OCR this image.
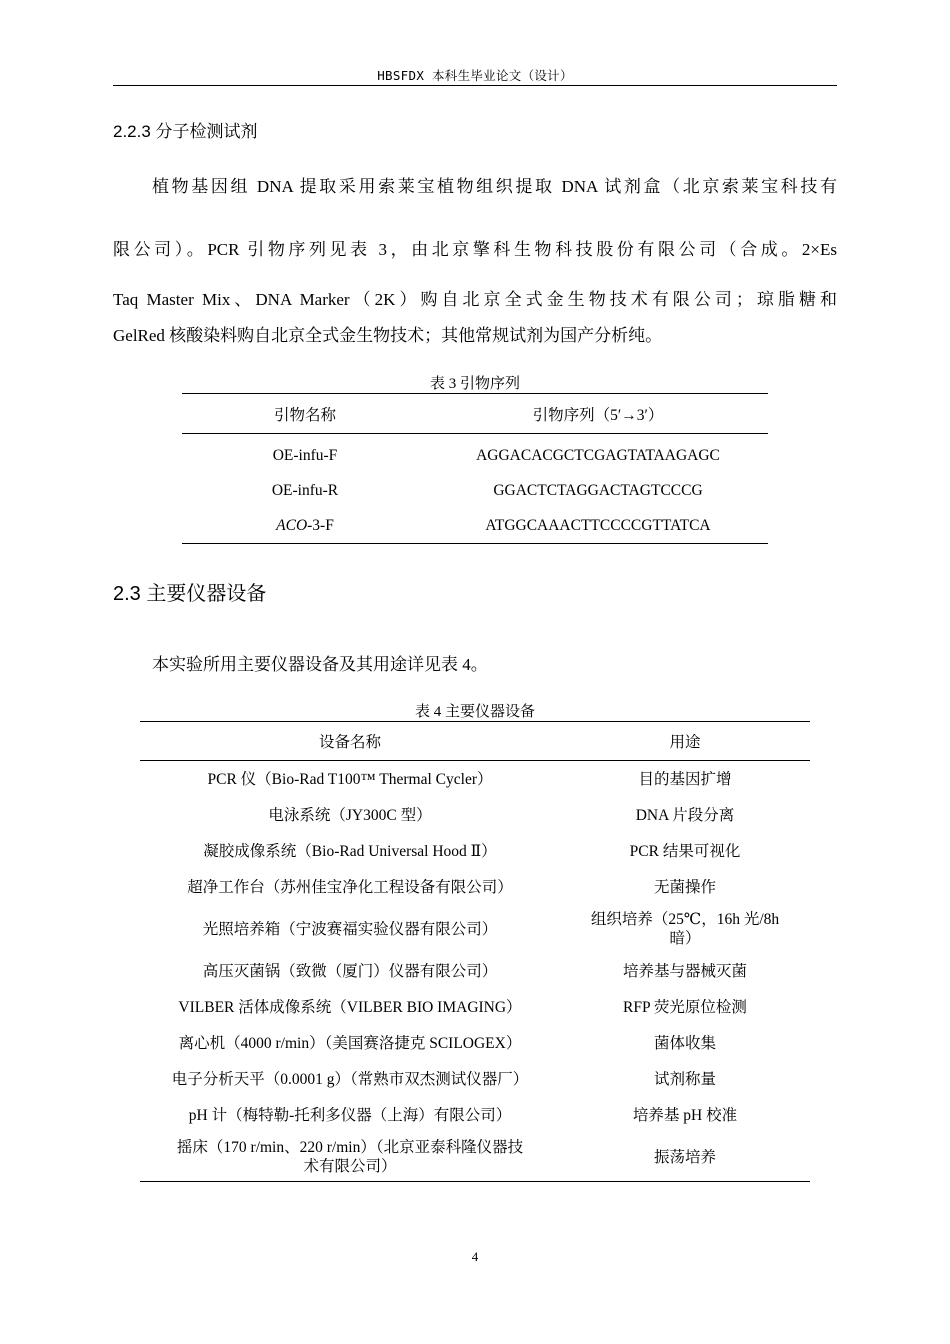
HBSFDX 本科生毕业论文（设计）
2.2.3 分子检测试剂
植物基因组 DNA 提取采用索莱宝植物组织提取 DNA 试剂盒（北京索莱宝科技有
限公司）。PCR 引物序列见表 3，由北京擎科生物科技股份有限公司（合成。2×Es
Taq Master Mix、DNA Marker（2K）购自北京全式金生物技术有限公司；琼脂糖和
GelRed 核酸染料购自北京全式金生物技术；其他常规试剂为国产分析纯。
表 3 引物序列
引物名称	引物序列（5′→3′）
OE-infu-F	AGGACACGCTCGAGTATAAGAGC
OE-infu-R	GGACTCTAGGACTAGTCCCG
ACO-3-F	ATGGCAAACTTCCCCGTTATCA
2.3 主要仪器设备
本实验所用主要仪器设备及其用途详见表 4。
表 4 主要仪器设备
设备名称	用途
PCR 仪（Bio-Rad T100™ Thermal Cycler）	目的基因扩增
电泳系统（JY300C 型）	DNA 片段分离
凝胶成像系统（Bio-Rad Universal Hood Ⅱ）	PCR 结果可视化
超净工作台（苏州佳宝净化工程设备有限公司）	无菌操作
光照培养箱（宁波赛福实验仪器有限公司）	组织培养（25℃，16h 光/8h
暗）

高压灭菌锅（致微（厦门）仪器有限公司）	培养基与器械灭菌
VILBER 活体成像系统（VILBER BIO IMAGING）	RFP 荧光原位检测
离心机（4000 r/min）（美国赛洛捷克 SCILOGEX）	菌体收集
电子分析天平（0.0001 g）（常熟市双杰测试仪器厂）	试剂称量
pH 计（梅特勒-托利多仪器（上海）有限公司）	培养基 pH 校准

摇床（170 r/min、220 r/min）（北京亚泰科隆仪器技
术有限公司）	振荡培养
4
